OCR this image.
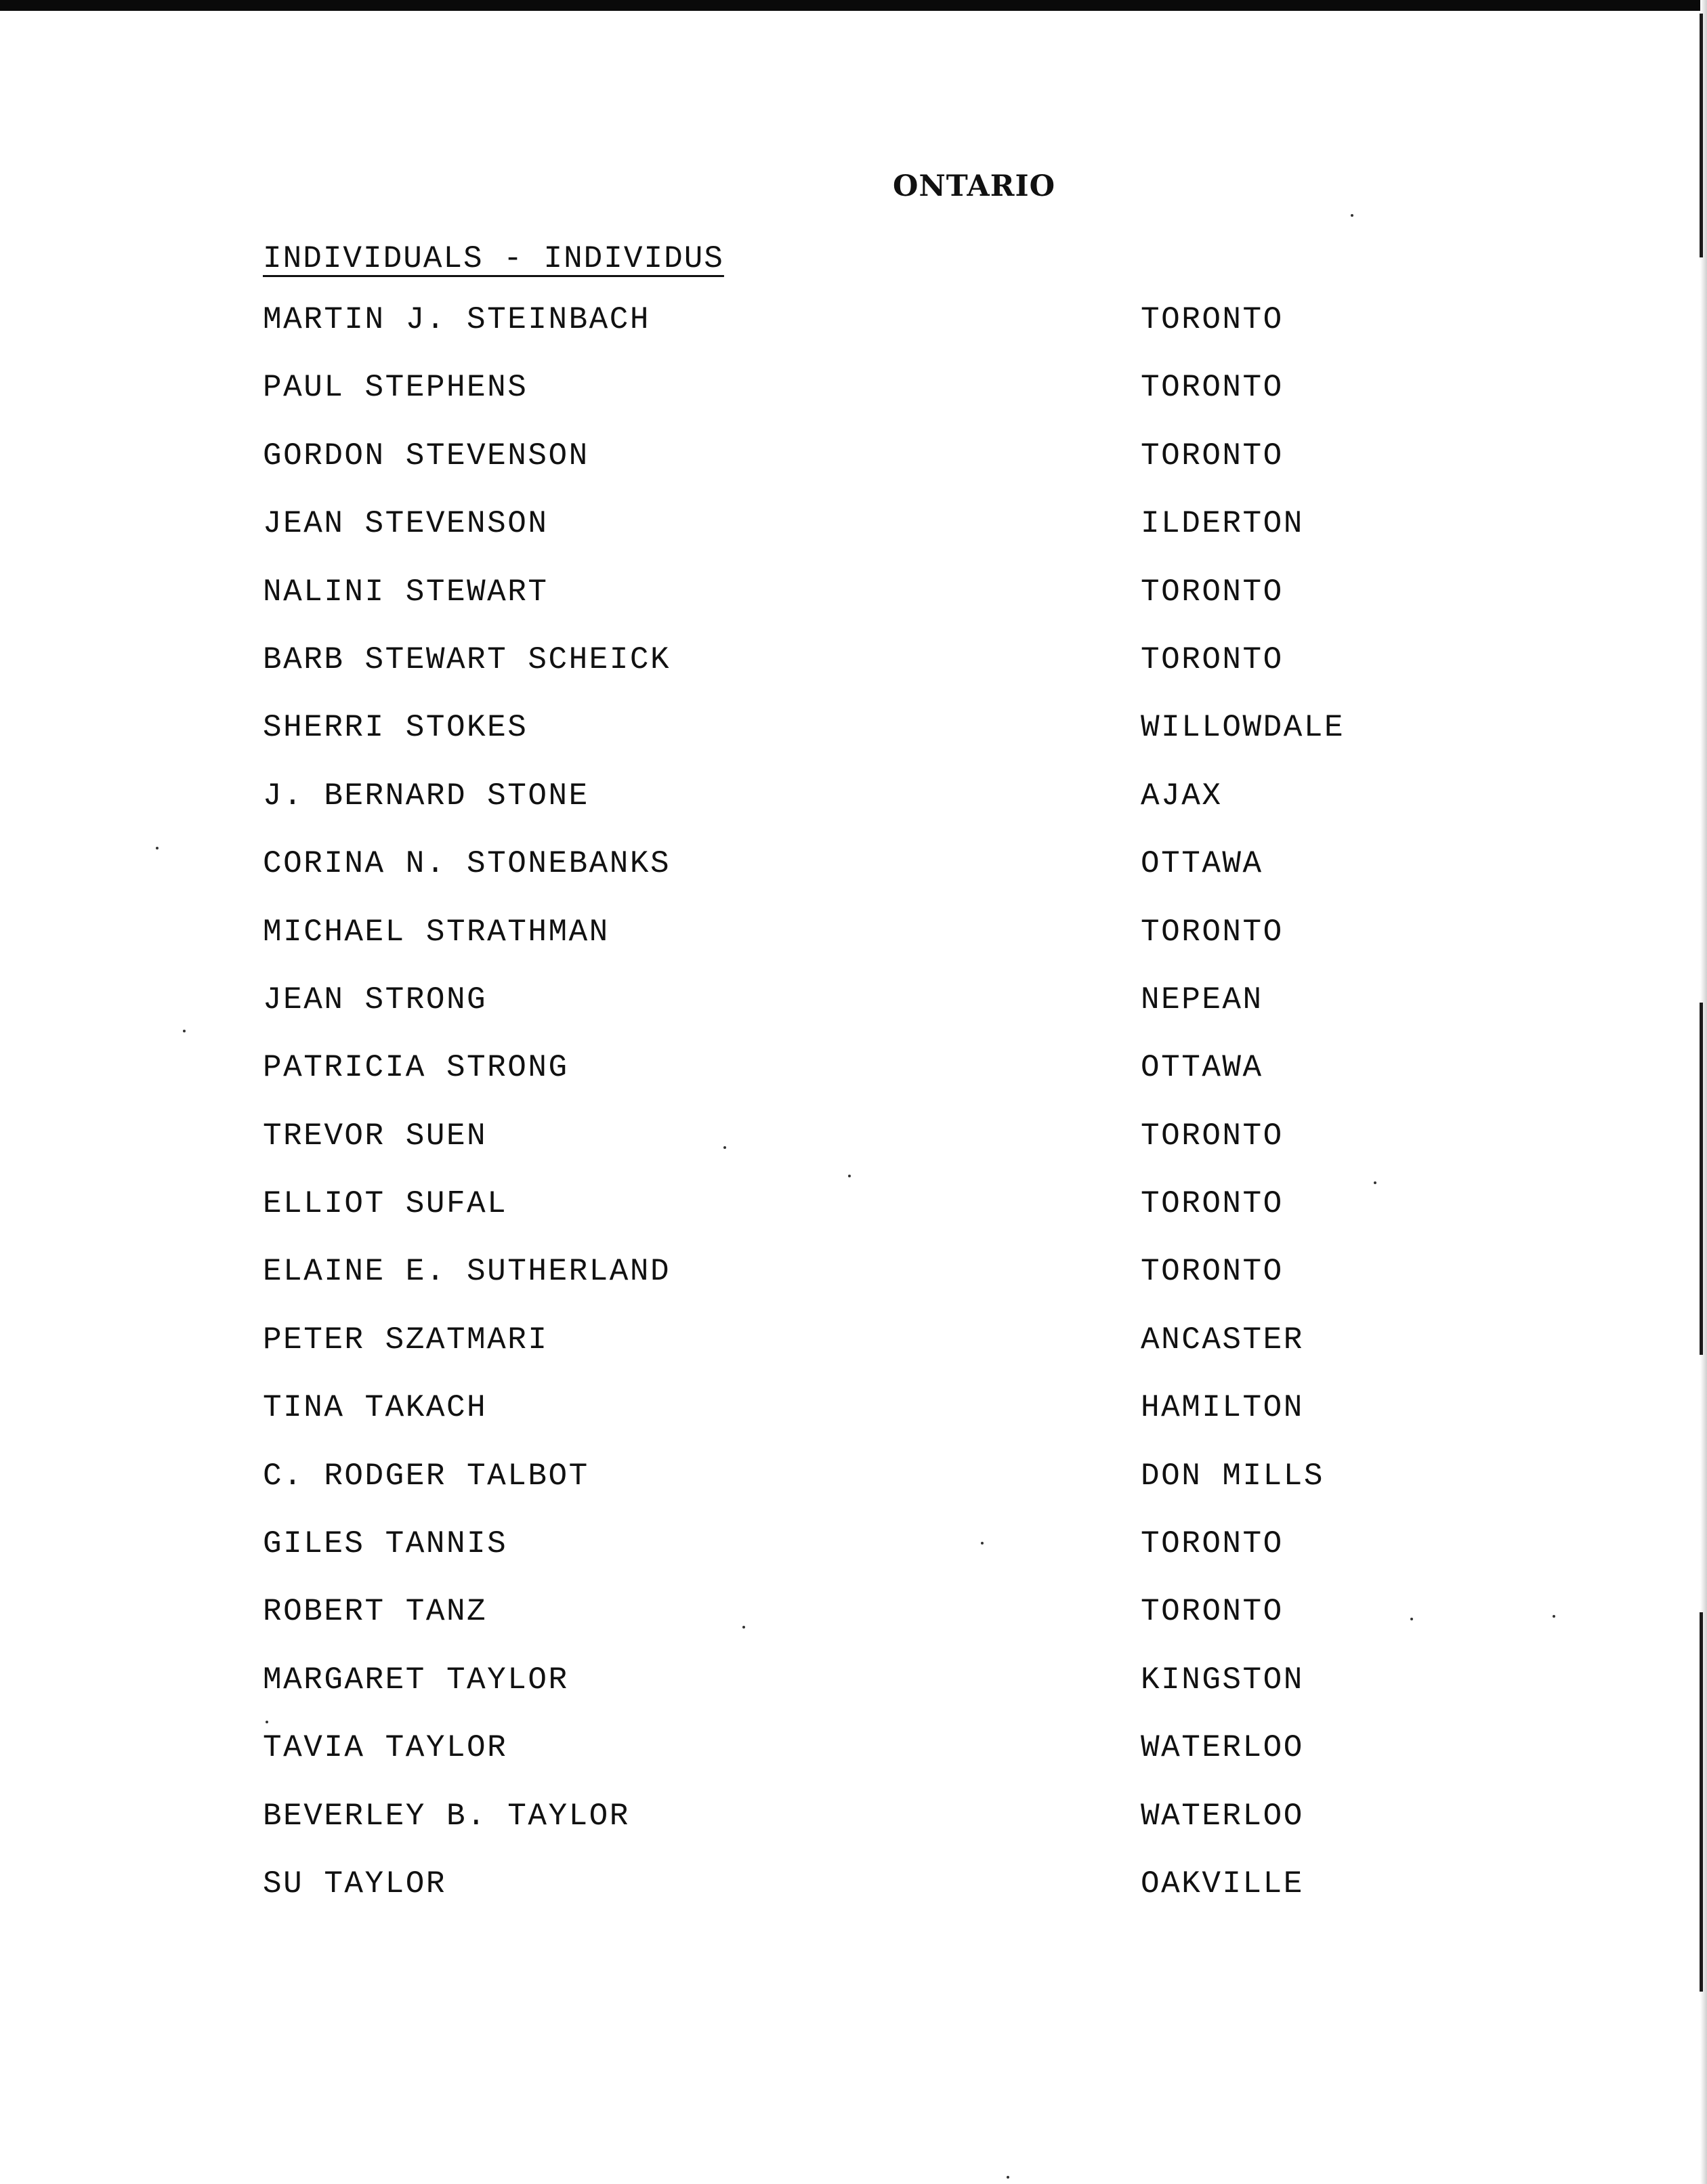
ONTARIO
INDIVIDUALS - INDIVIDUS
MARTIN J. STEINBACH	TORONTO
PAUL STEPHENS	TORONTO
GORDON STEVENSON	TORONTO
JEAN STEVENSON	ILDERTON
NALINI STEWART	TORONTO
BARB STEWART SCHEICK	TORONTO
SHERRI STOKES	WILLOWDALE
J. BERNARD STONE	AJAX
CORINA N. STONEBANKS	OTTAWA
MICHAEL STRATHMAN	TORONTO
JEAN STRONG	NEPEAN
PATRICIA STRONG	OTTAWA
TREVOR SUEN	TORONTO
ELLIOT SUFAL	TORONTO
ELAINE E. SUTHERLAND	TORONTO
PETER SZATMARI	ANCASTER
TINA TAKACH	HAMILTON
C. RODGER TALBOT	DON MILLS
GILES TANNIS	TORONTO
ROBERT TANZ	TORONTO
MARGARET TAYLOR	KINGSTON
TAVIA TAYLOR	WATERLOO
BEVERLEY B. TAYLOR	WATERLOO
SU TAYLOR	OAKVILLE
